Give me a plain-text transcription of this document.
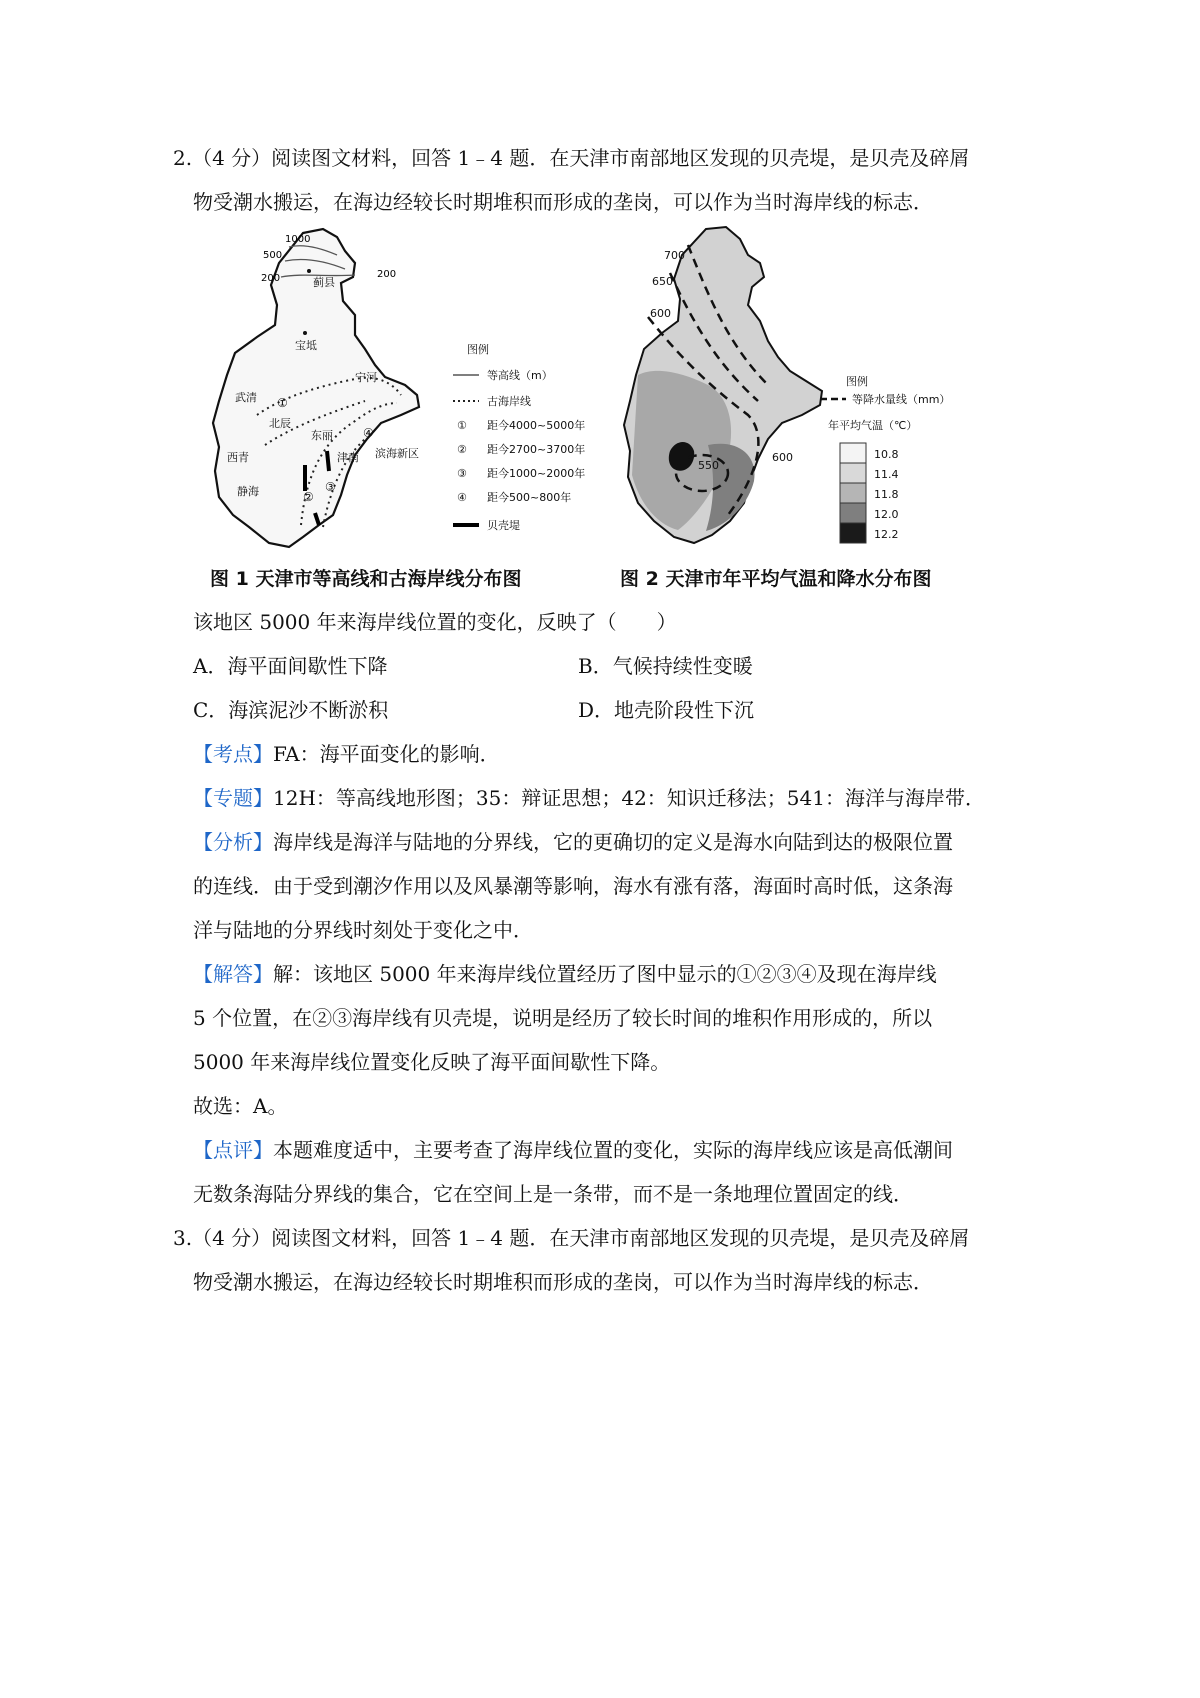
2.（4 分）阅读图文材料，回答 1﹣4 题．在天津市南部地区发现的贝壳堤，是贝壳及碎屑
物受潮水搬运，在海边经较长时期堆积而形成的垄岗，可以作为当时海岸线的标志．
1000
500
200	200
蓟县
宝坻
武清
宁河
北辰
东丽
津南
西青
静海
滨海新区
①
②
③
④
图例
等高线（m）
古海岸线
① 距今4000~5000年
② 距今2700~3700年
③ 距今1000~2000年
④ 距今500~800年
贝壳堤
图 1 天津市等高线和古海岸线分布图
700
650
600
550
600
图例
等降水量线（mm）
年平均气温（℃）
10.8
11.4
11.8
12.0
12.2
图 2 天津市年平均气温和降水分布图
该地区 5000 年来海岸线位置的变化，反映了（　　）
A．海平面间歇性下降	B．气候持续性变暖
C．海滨泥沙不断淤积	D．地壳阶段性下沉
【考点】FA：海平面变化的影响．
【专题】12H：等高线地形图；35：辩证思想；42：知识迁移法；541：海洋与海岸带．
【分析】海岸线是海洋与陆地的分界线，它的更确切的定义是海水向陆到达的极限位置
的连线．由于受到潮汐作用以及风暴潮等影响，海水有涨有落，海面时高时低，这条海
洋与陆地的分界线时刻处于变化之中．
【解答】解：该地区 5000 年来海岸线位置经历了图中显示的①②③④及现在海岸线
5 个位置，在②③海岸线有贝壳堤，说明是经历了较长时间的堆积作用形成的，所以
5000 年来海岸线位置变化反映了海平面间歇性下降。
故选：A。
【点评】本题难度适中，主要考查了海岸线位置的变化，实际的海岸线应该是高低潮间
无数条海陆分界线的集合，它在空间上是一条带，而不是一条地理位置固定的线．
3.（4 分）阅读图文材料，回答 1﹣4 题．在天津市南部地区发现的贝壳堤，是贝壳及碎屑
物受潮水搬运，在海边经较长时期堆积而形成的垄岗，可以作为当时海岸线的标志．
